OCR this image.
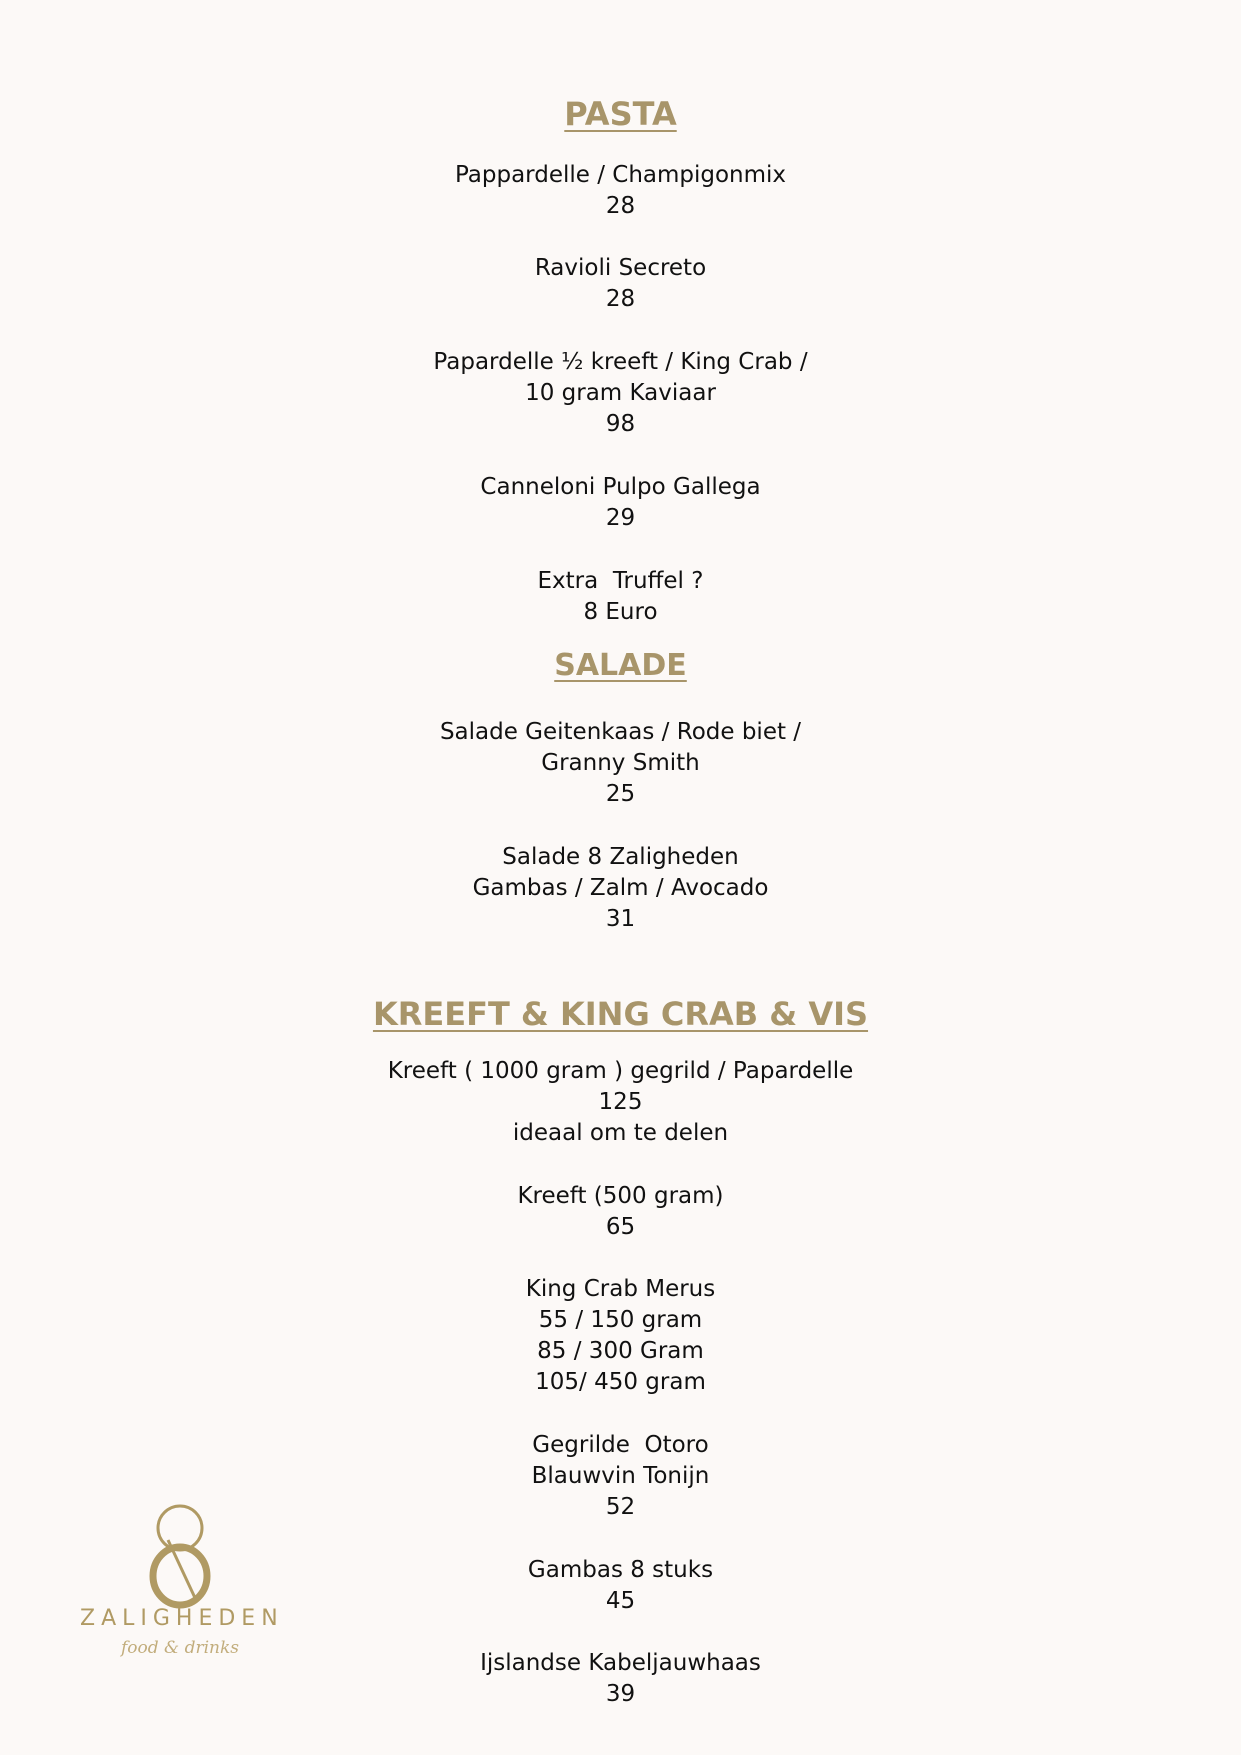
PASTA
Pappardelle / Champigonmix
28
Ravioli Secreto
28
Papardelle ½ kreeft / King Crab /
10 gram Kaviaar
98
Canneloni Pulpo Gallega
29
Extra  Truffel ?
8 Euro
SALADE
Salade Geitenkaas / Rode biet /
Granny Smith
25
Salade 8 Zaligheden
Gambas / Zalm / Avocado
31
KREEFT & KING CRAB & VIS
Kreeft ( 1000 gram ) gegrild / Papardelle
125
ideaal om te delen
Kreeft (500 gram)
65
King Crab Merus
55 / 150 gram
85 / 300 Gram
105/ 450 gram
Gegrilde  Otoro
Blauwvin Tonijn
52
Gambas 8 stuks
45
Ijslandse Kabeljauwhaas
39
ZALIGHEDEN
food & drinks
